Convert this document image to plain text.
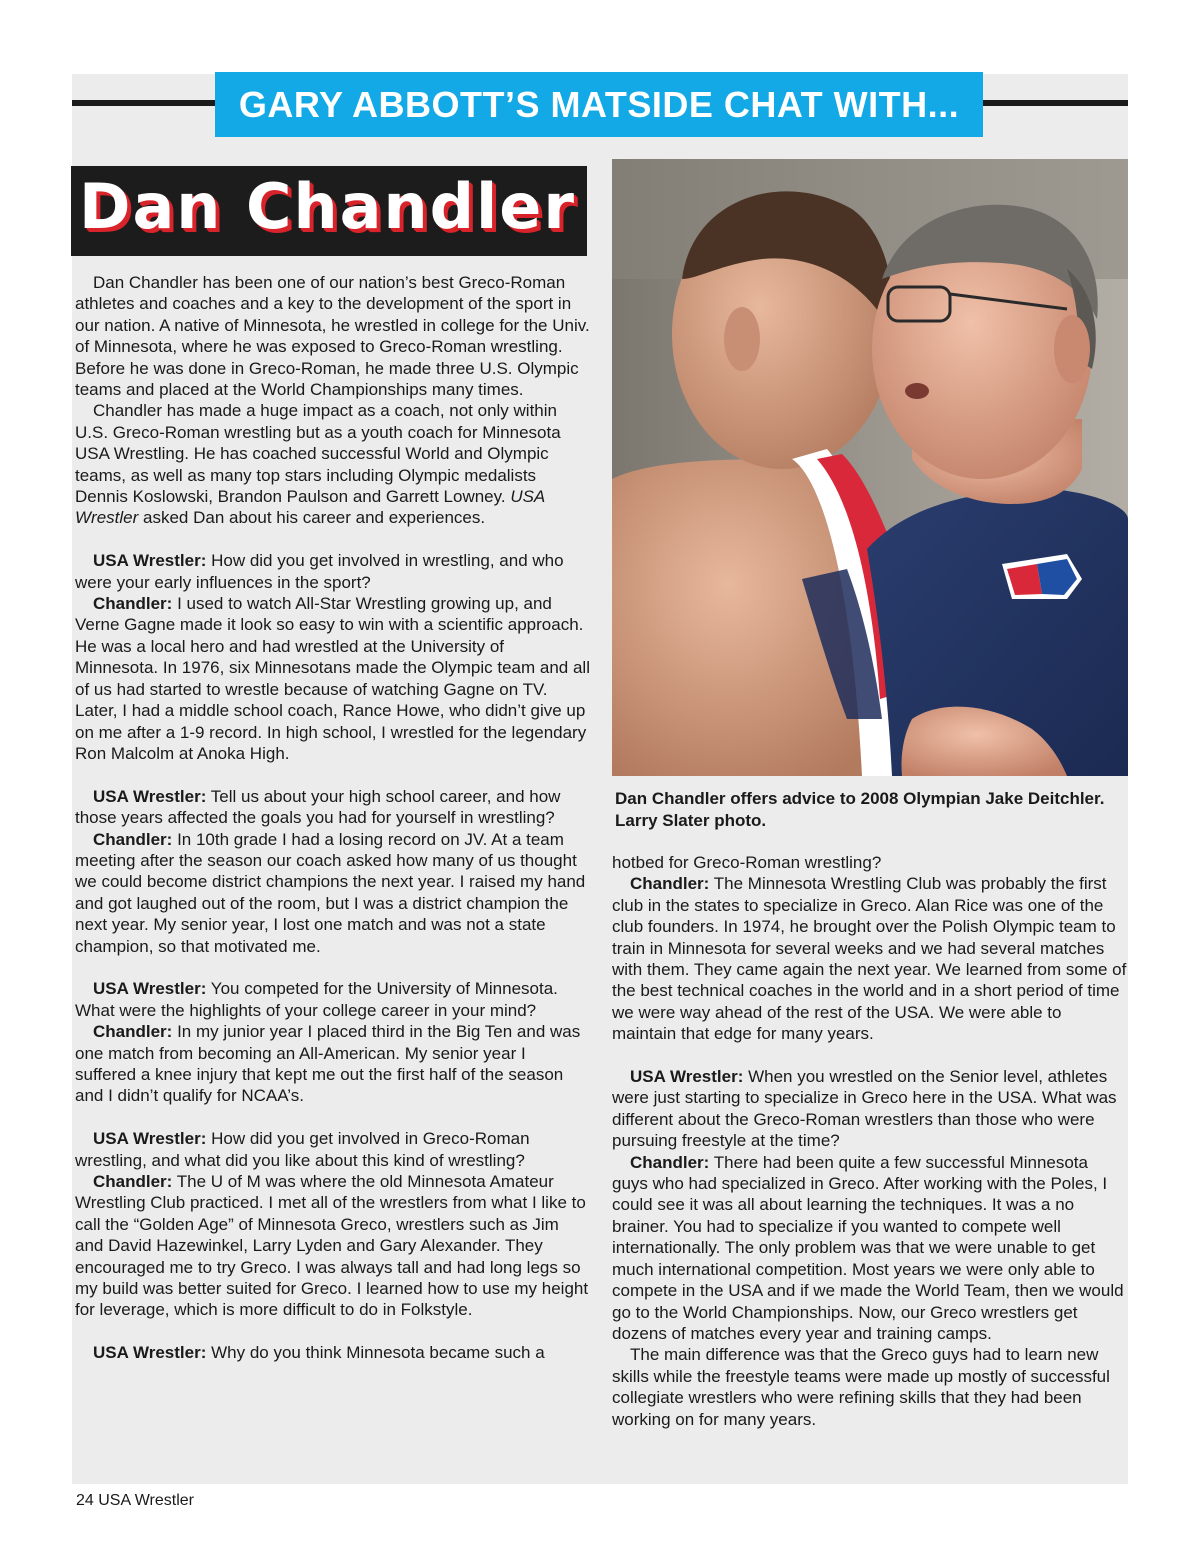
GARY ABBOTT’S MATSIDE CHAT WITH...
Dan Chandler

Dan Chandler has been one of our nation’s best Greco-Roman athletes and coaches and a key to the development of the sport in our nation. A native of Minnesota, he wrestled in college for the Univ. of Minnesota, where he was exposed to Greco-Roman wrestling. Before he was done in Greco-Roman, he made three U.S. Olympic teams and placed at the World Championships many times.

Chandler has made a huge impact as a coach, not only within U.S. Greco-Roman wrestling but as a youth coach for Minnesota USA Wrestling. He has coached successful World and Olympic teams, as well as many top stars including Olympic medalists Dennis Koslowski, Brandon Paulson and Garrett Lowney. USA Wrestler asked Dan about his career and experiences.

USA Wrestler: How did you get involved in wrestling, and who were your early influences in the sport?

Chandler: I used to watch All-Star Wrestling growing up, and Verne Gagne made it look so easy to win with a scientific approach. He was a local hero and had wrestled at the University of Minnesota. In 1976, six Minnesotans made the Olympic team and all of us had started to wrestle because of watching Gagne on TV. Later, I had a middle school coach, Rance Howe, who didn’t give up on me after a 1-9 record. In high school, I wrestled for the legendary Ron Malcolm at Anoka High.

USA Wrestler: Tell us about your high school career, and how those years affected the goals you had for yourself in wrestling?

Chandler: In 10th grade I had a losing record on JV. At a team meeting after the season our coach asked how many of us thought we could become district champions the next year. I raised my hand and got laughed out of the room, but I was a district champion the next year. My senior year, I lost one match and was not a state champion, so that motivated me.

USA Wrestler: You competed for the University of Minnesota. What were the highlights of your college career in your mind?

Chandler: In my junior year I placed third in the Big Ten and was one match from becoming an All-American. My senior year I suffered a knee injury that kept me out the first half of the season and I didn’t qualify for NCAA’s.

USA Wrestler: How did you get involved in Greco-Roman wrestling, and what did you like about this kind of wrestling?

Chandler: The U of M was where the old Minnesota Amateur Wrestling Club practiced. I met all of the wrestlers from what I like to call the “Golden Age” of Minnesota Greco, wrestlers such as Jim and David Hazewinkel, Larry Lyden and Gary Alexander. They encouraged me to try Greco. I was always tall and had long legs so my build was better suited for Greco. I learned how to use my height for leverage, which is more difficult to do in Folkstyle.

USA Wrestler: Why do you think Minnesota became such a

Dan Chandler offers advice to 2008 Olympian Jake Deitchler. Larry Slater photo.

hotbed for Greco-Roman wrestling?

Chandler: The Minnesota Wrestling Club was probably the first club in the states to specialize in Greco. Alan Rice was one of the club founders. In 1974, he brought over the Polish Olympic team to train in Minnesota for several weeks and we had several matches with them. They came again the next year. We learned from some of the best technical coaches in the world and in a short period of time we were way ahead of the rest of the USA. We were able to maintain that edge for many years.

USA Wrestler: When you wrestled on the Senior level, athletes were just starting to specialize in Greco here in the USA. What was different about the Greco-Roman wrestlers than those who were pursuing freestyle at the time?

Chandler: There had been quite a few successful Minnesota guys who had specialized in Greco. After working with the Poles, I could see it was all about learning the techniques. It was a no brainer. You had to specialize if you wanted to compete well internationally. The only problem was that we were unable to get much international competition. Most years we were only able to compete in the USA and if we made the World Team, then we would go to the World Championships. Now, our Greco wrestlers get dozens of matches every year and training camps.

The main difference was that the Greco guys had to learn new skills while the freestyle teams were made up mostly of successful collegiate wrestlers who were refining skills that they had been working on for many years.

24 USA Wrestler
